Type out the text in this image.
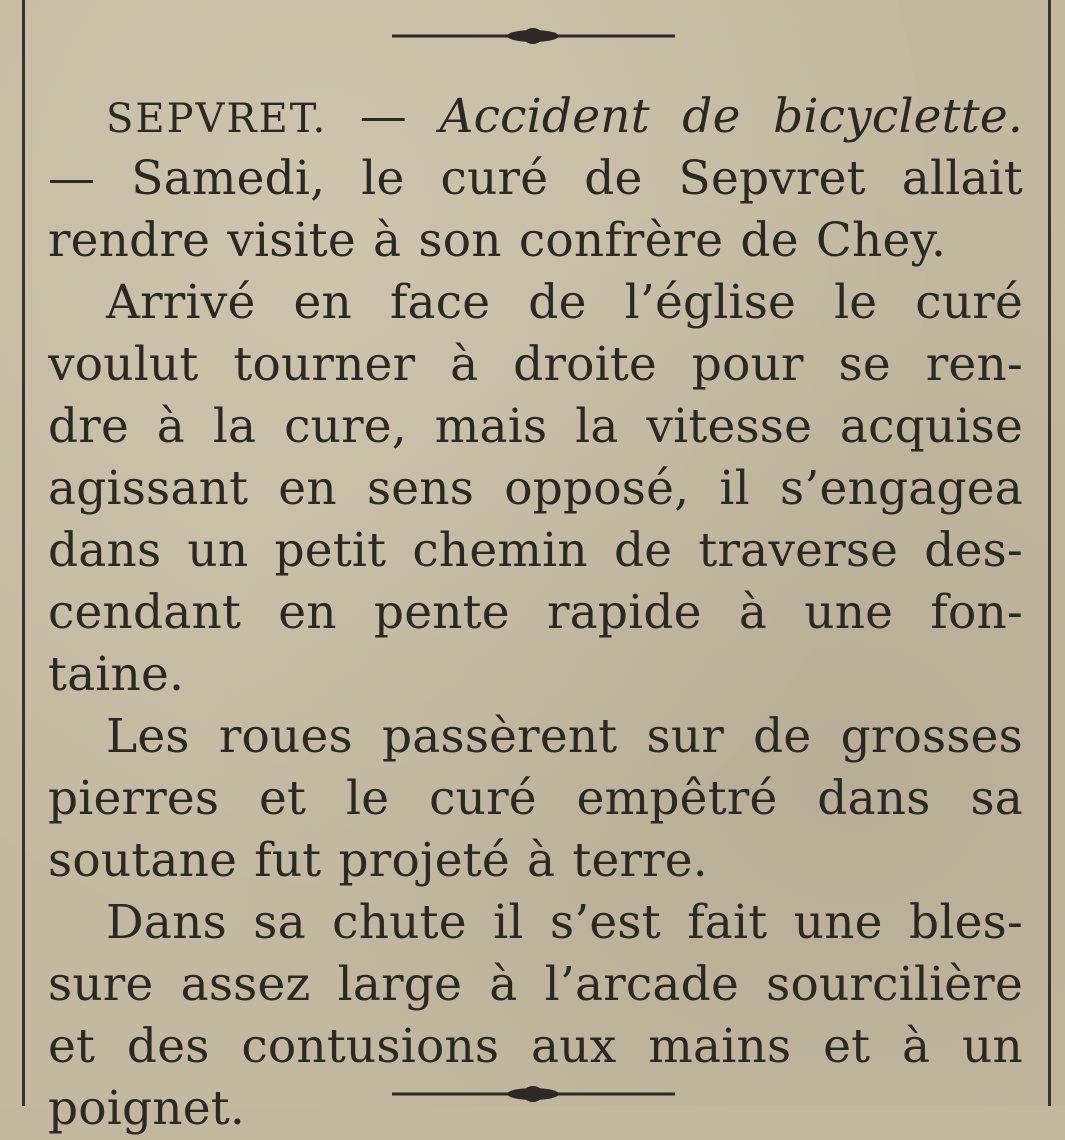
SEPVRET. — Accident de bicyclette.
— Samedi, le curé de Sepvret allait
rendre visite à son confrère de Chey.
Arrivé en face de l’église le curé
voulut tourner à droite pour se ren-
dre à la cure, mais la vitesse acquise
agissant en sens opposé, il s’engagea
dans un petit chemin de traverse des-
cendant en pente rapide à une fon-
taine.
Les roues passèrent sur de grosses
pierres et le curé empêtré dans sa
soutane fut projeté à terre.
Dans sa chute il s’est fait une bles-
sure assez large à l’arcade sourcilière
et des contusions aux mains et à un
poignet.
